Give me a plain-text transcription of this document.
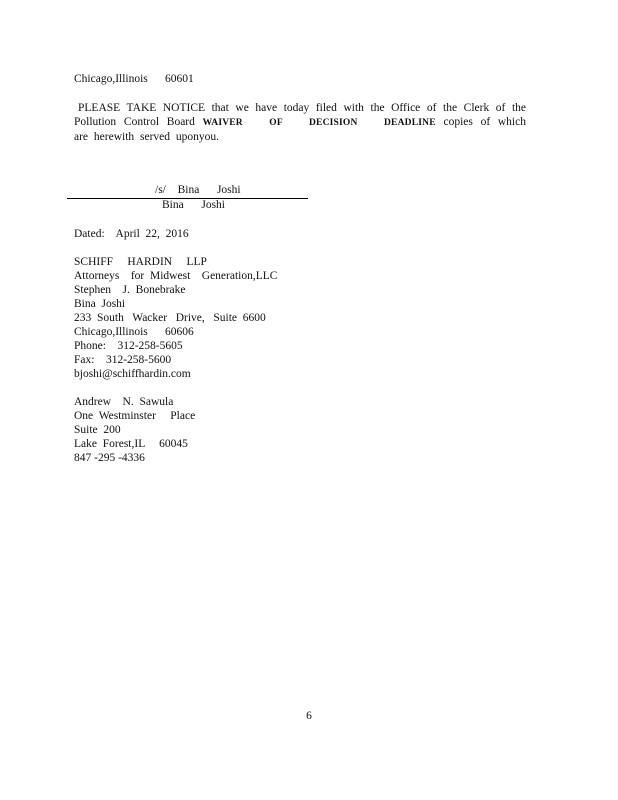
Chicago,Illinois      60601
PLEASE TAKE NOTICE that we have today filed with the Office of the Clerk of the Pollution Control Board WAIVER OF DECISION DEADLINE copies of which are herewith served uponyou.
/s/  Bina   Joshi
Bina   Joshi
Dated:    April  22,  2016
SCHIFF     HARDIN     LLP
Attorneys    for  Midwest    Generation,LLC
Stephen    J.  Bonebrake
Bina  Joshi
233  South   Wacker   Drive,   Suite  6600
Chicago,Illinois      60606
Phone:    312-258-5605
Fax:    312-258-5600
bjoshi@schiffhardin.com
Andrew    N.  Sawula
One  Westminster     Place
Suite  200
Lake  Forest,IL     60045
847 -295 -4336
6
